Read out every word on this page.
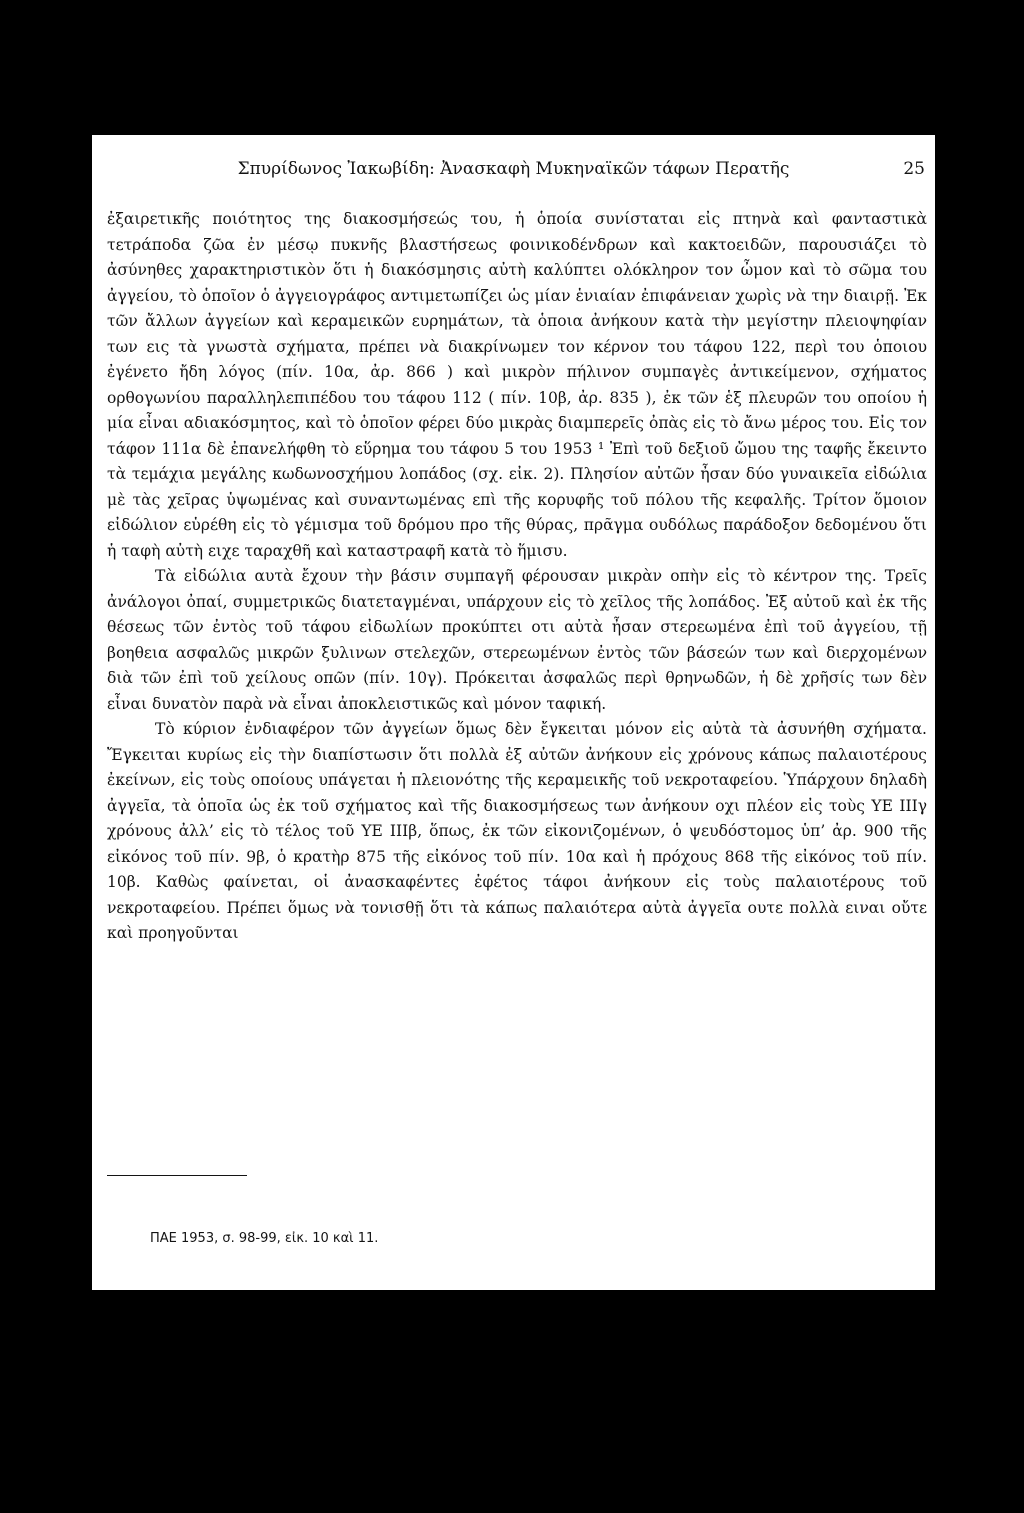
Σπυρίδωνος Ἰακωβίδη: Ἀνασκαφὴ Μυκηναϊκῶν τάφων Περατῆς	25

ἐξαιρετικῆς ποιότητος της διακοσμήσεώς του, ἡ ὁποία συνίσταται εἰς πτηνὰ καὶ φανταστικὰ τετράποδα ζῶα ἐν μέσῳ πυκνῆς βλαστήσεως φοινικοδένδρων καὶ κακτοειδῶν, παρουσιάζει τὸ ἀσύνηθες χαρακτηριστικὸν ὅτι ἡ διακόσμησις αὐτὴ καλύπτει ολόκληρον τον ὦμον καὶ τὸ σῶμα του ἀγγείου, τὸ ὁποῖον ὁ ἀγγειογράφος αντιμετωπίζει ὡς μίαν ἑνιαίαν ἐπιφάνειαν χωρὶς νὰ την διαιρῇ. Ἐκ τῶν ἄλλων ἀγγείων καὶ κεραμεικῶν ευρημάτων, τὰ ὁποια ἀνήκουν κατὰ τὴν μεγίστην πλειοψηφίαν των εις τὰ γνωστὰ σχήματα, πρέπει νὰ διακρίνωμεν τον κέρνον του τάφου 122, περὶ του ὁποιου ἐγένετο ἤδη λόγος (πίν. 10α, ἀρ. 866 ) καὶ μικρὸν πήλινον συμπαγὲς ἀντικείμενον, σχήματος ορθογωνίου παραλληλεπιπέδου του τάφου 112 ( πίν. 10β, ἀρ. 835 ), ἐκ τῶν ἑξ πλευρῶν του οποίου ἡ μία εἶναι αδιακόσμητος, καὶ τὸ ὁποῖον φέρει δύο μικρὰς διαμπερεῖς ὀπὰς εἰς τὸ ἄνω μέρος του. Εἰς τον τάφον 111α δὲ ἐπανελήφθη τὸ εὕρημα του τάφου 5 του 1953 ¹ Ἐπὶ τοῦ δεξιοῦ ὤμου της ταφῆς ἔκειντο τὰ τεμάχια μεγάλης κωδωνοσχήμου λοπάδος (σχ. εἰκ. 2). Πλησίον αὐτῶν ἦσαν δύο γυναικεῖα εἰδώλια μὲ τὰς χεῖρας ὑψωμένας καὶ συναντωμένας επὶ τῆς κορυφῆς τοῦ πόλου τῆς κεφαλῆς. Τρίτον ὅμοιον εἰδώλιον εὑρέθη εἰς τὸ γέμισμα τοῦ δρόμου προ τῆς θύρας, πρᾶγμα ουδόλως παράδοξον δεδομένου ὅτι ἡ ταφὴ αὐτὴ ειχε ταραχθῆ καὶ καταστραφῆ κατὰ τὸ ἥμισυ.

Τὰ εἰδώλια αυτὰ ἔχουν τὴν βάσιν συμπαγῆ φέρουσαν μικρὰν οπὴν εἰς τὸ κέντρον της. Τρεῖς ἀνάλογοι ὀπαί, συμμετρικῶς διατεταγμέναι, υπάρχουν εἰς τὸ χεῖλος τῆς λοπάδος. Ἐξ αὐτοῦ καὶ ἐκ τῆς θέσεως τῶν ἐντὸς τοῦ τάφου εἰδωλίων προκύπτει οτι αὐτὰ ἦσαν στερεωμένα ἐπὶ τοῦ ἀγγείου, τῇ βοηθεια ασφαλῶς μικρῶν ξυλινων στελεχῶν, στερεωμένων ἐντὸς τῶν βάσεών των καὶ διερχομένων διὰ τῶν ἐπὶ τοῦ χείλους οπῶν (πίν. 10γ). Πρόκειται ἀσφαλῶς περὶ θρηνωδῶν, ἡ δὲ χρῆσίς των δὲν εἶναι δυνατὸν παρὰ νὰ εἶναι ἀποκλειστικῶς καὶ μόνον ταφική.

Τὸ κύριον ἐνδιαφέρον τῶν ἀγγείων ὅμως δὲν ἔγκειται μόνον εἰς αὐτὰ τὰ ἀσυνήθη σχήματα. Ἔγκειται κυρίως εἰς τὴν διαπίστωσιν ὅτι πολλὰ ἐξ αὐτῶν ἀνήκουν εἰς χρόνους κάπως παλαιοτέρους ἐκείνων, εἰς τοὺς οποίους υπάγεται ἡ πλειονότης τῆς κεραμεικῆς τοῦ νεκροταφείου. Ὑπάρχουν δηλαδὴ ἀγγεῖα, τὰ ὁποῖα ὡς ἐκ τοῦ σχήματος καὶ τῆς διακοσμήσεως των ἀνήκουν οχι πλέον εἰς τοὺς ΥΕ ΙΙΙγ χρόνους ἀλλ’ εἰς τὸ τέλος τοῦ ΥΕ ΙΙΙβ, ὅπως, ἐκ τῶν εἰκονιζομένων, ὁ ψευδόστομος ὑπ’ ἀρ. 900 τῆς εἰκόνος τοῦ πίν. 9β, ὁ κρατὴρ 875 τῆς εἰκόνος τοῦ πίν. 10α καὶ ἡ πρόχους 868 τῆς εἰκόνος τοῦ πίν. 10β. Καθὼς φαίνεται, οἱ ἀνασκαφέντες ἐφέτος τάφοι ἀνήκουν εἰς τοὺς παλαιοτέρους τοῦ νεκροταφείου. Πρέπει ὅμως νὰ τονισθῇ ὅτι τὰ κάπως παλαιότερα αὐτὰ ἀγγεῖα ουτε πολλὰ ειναι οὔτε καὶ προηγοῦνται

ΠΑΕ 1953, σ. 98-99, εἰκ. 10 καὶ 11.
